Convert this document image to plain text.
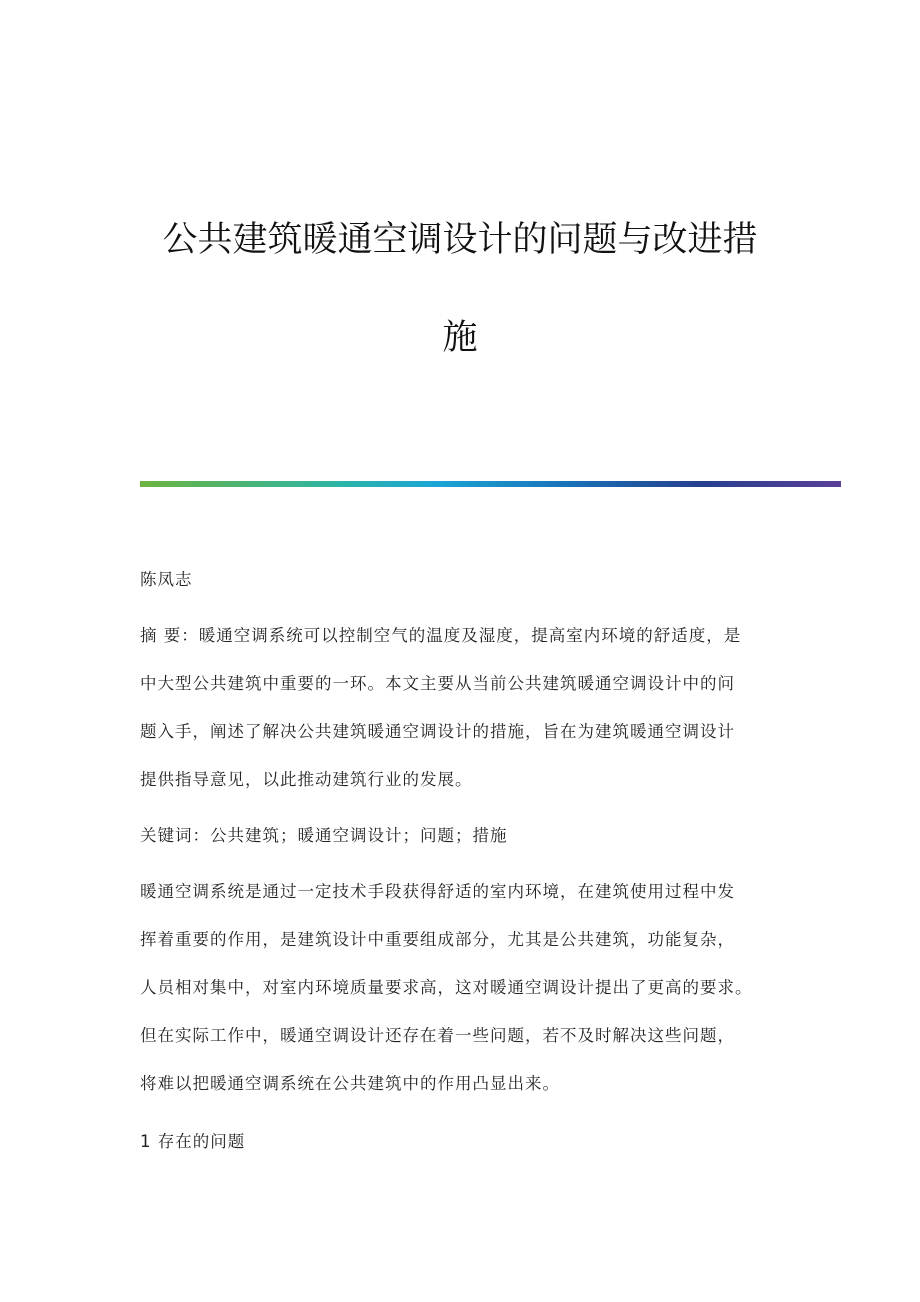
公共建筑暖通空调设计的问题与改进措
施
陈凤志
摘 要：暖通空调系统可以控制空气的温度及湿度，提高室内环境的舒适度，是
中大型公共建筑中重要的一环。本文主要从当前公共建筑暖通空调设计中的问
题入手，阐述了解决公共建筑暖通空调设计的措施，旨在为建筑暖通空调设计
提供指导意见，以此推动建筑行业的发展。
关键词：公共建筑；暖通空调设计；问题；措施
暖通空调系统是通过一定技术手段获得舒适的室内环境，在建筑使用过程中发
挥着重要的作用，是建筑设计中重要组成部分，尤其是公共建筑，功能复杂，
人员相对集中，对室内环境质量要求高，这对暖通空调设计提出了更高的要求。
但在实际工作中，暖通空调设计还存在着一些问题，若不及时解决这些问题，
将难以把暖通空调系统在公共建筑中的作用凸显出来。
1 存在的问题
